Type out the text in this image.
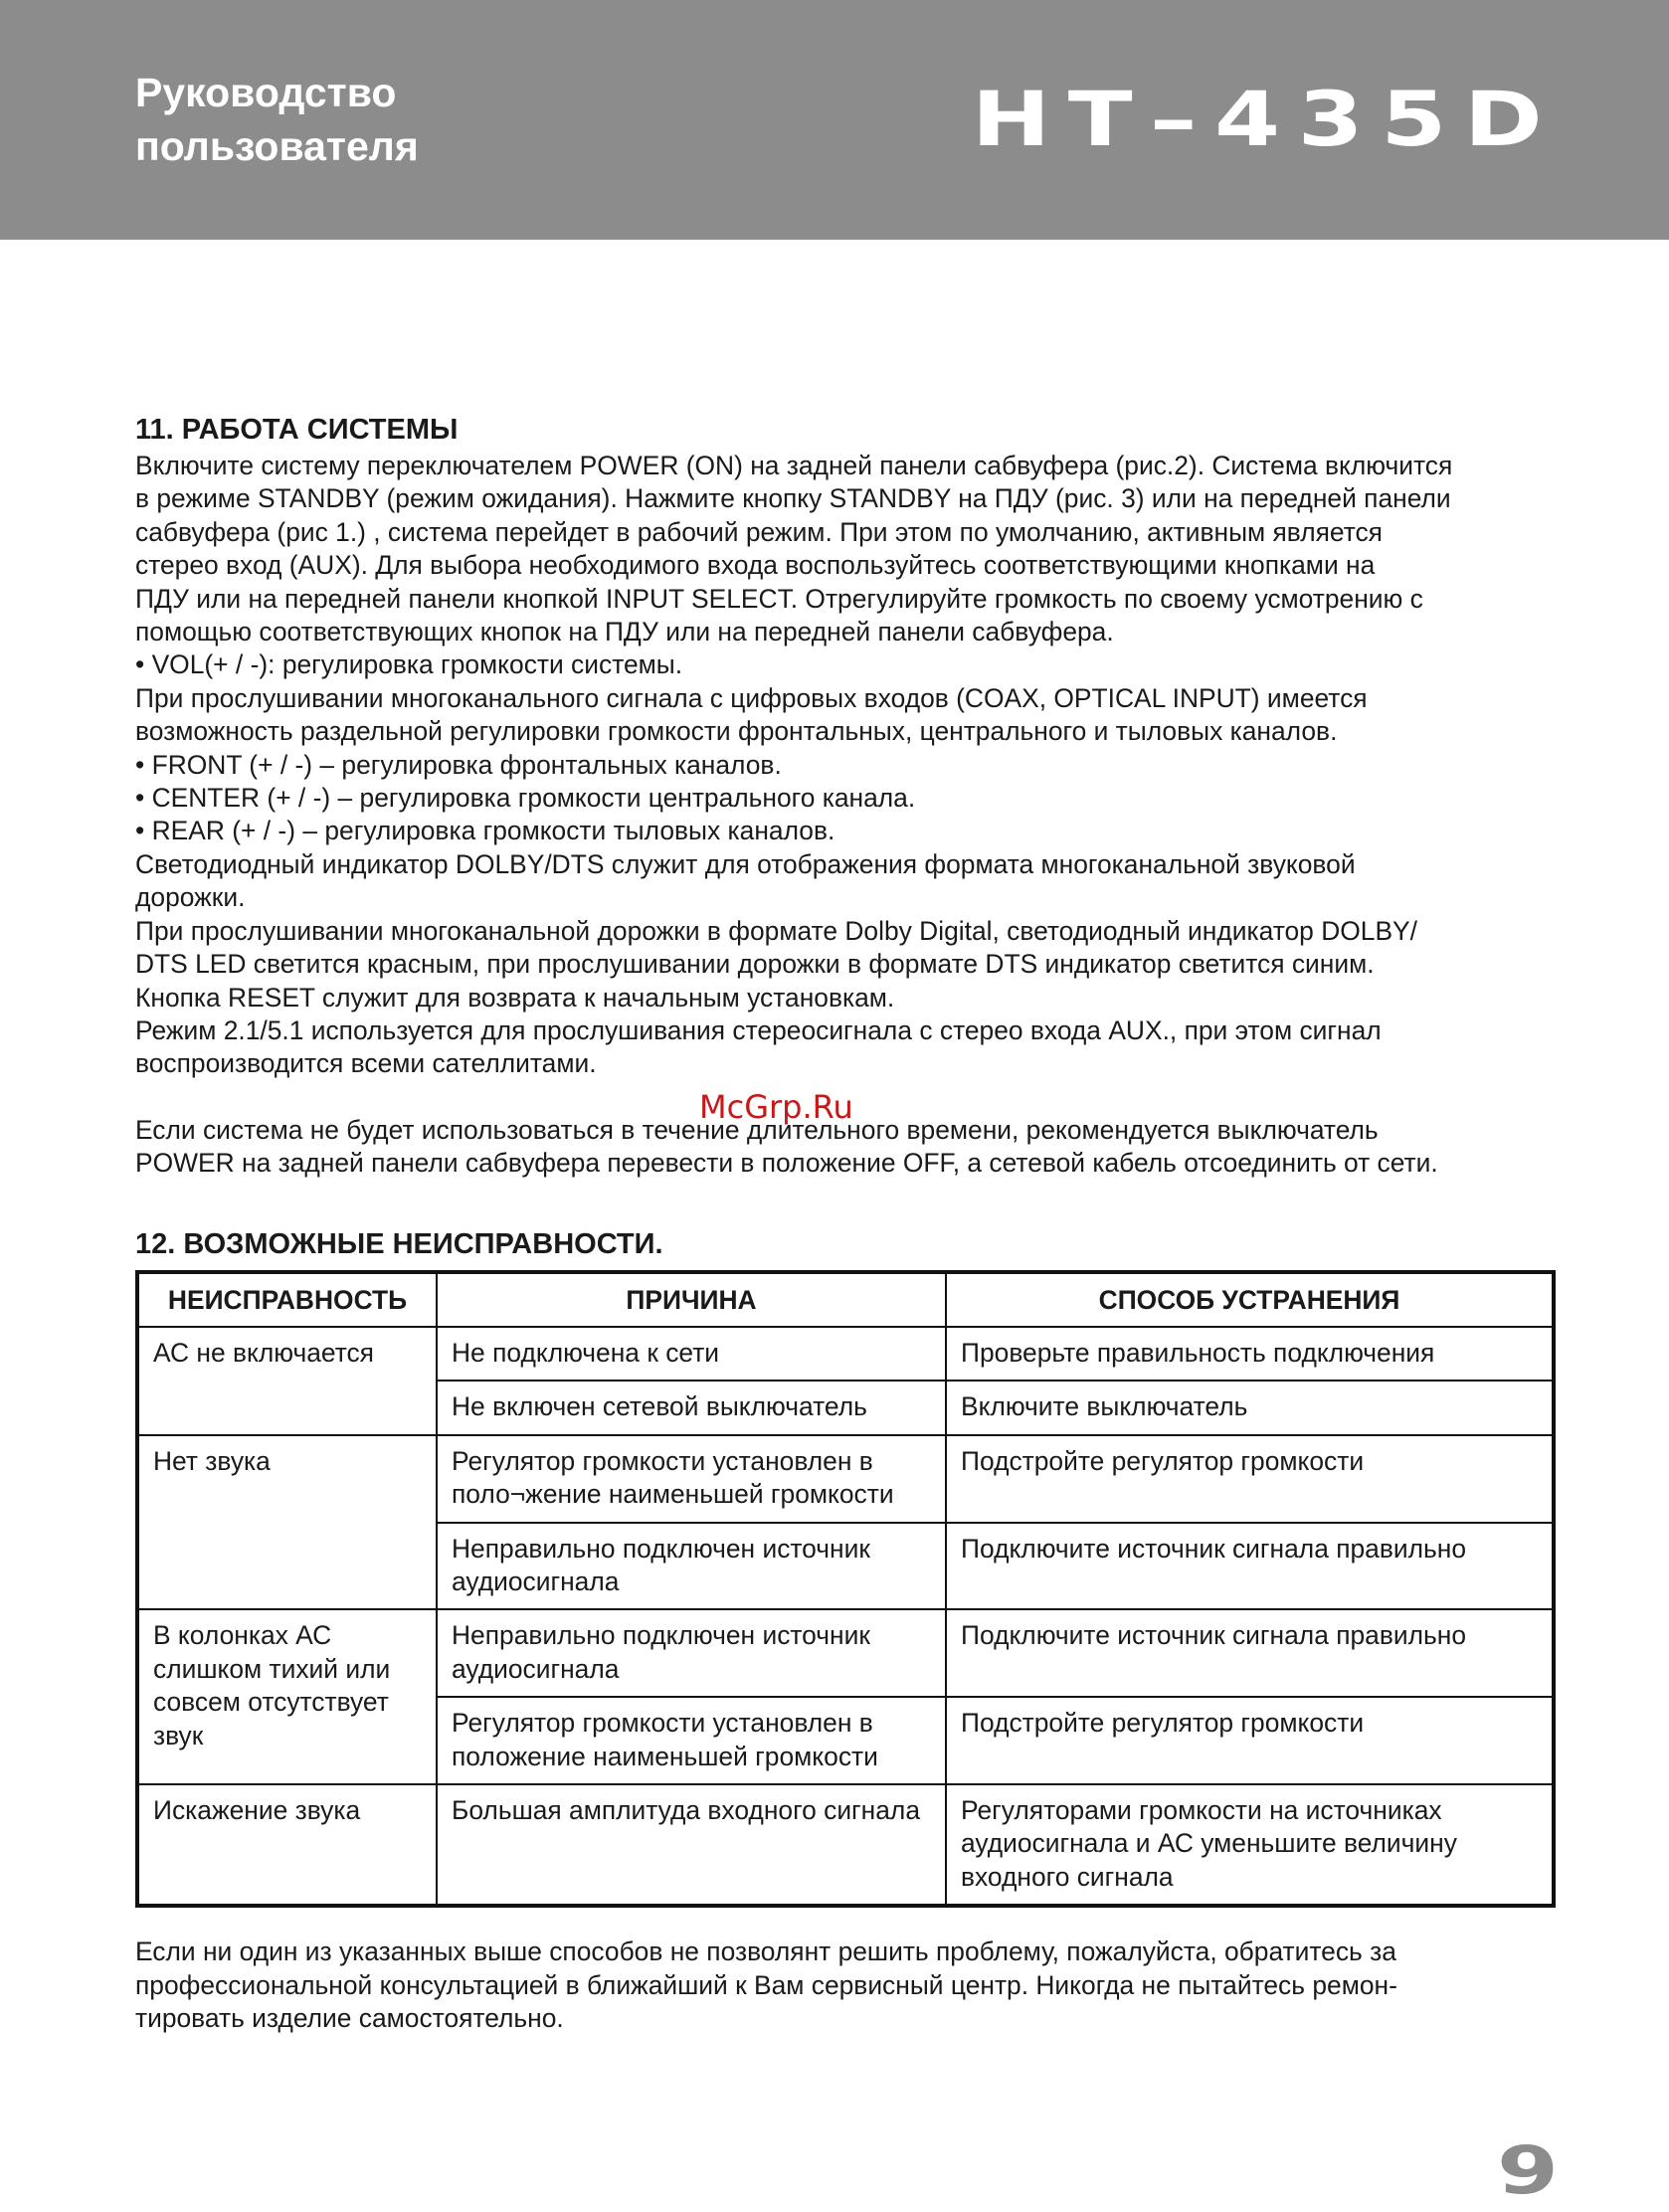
Руководство
пользователя	HT–435D
11. РАБОТА СИСТЕМЫ
Включите систему переключателем POWER (ON) на задней панели сабвуфера (рис.2). Система включится
в режиме STANDBY (режим ожидания). Нажмите кнопку STANDBY на ПДУ (рис. 3) или на передней панели
сабвуфера (рис 1.) , система перейдет в рабочий режим. При этом по умолчанию, активным является
стерео вход (AUX). Для выбора необходимого входа воспользуйтесь соответствующими кнопками на
ПДУ или на передней панели кнопкой INPUT SELECT. Отрегулируйте громкость по своему усмотрению с
помощью соответствующих кнопок на ПДУ или на передней панели сабвуфера.
• VOL(+ / -): регулировка громкости системы.
При прослушивании многоканального сигнала с цифровых входов (COAX, OPTICAL INPUT) имеется
возможность раздельной регулировки громкости фронтальных, центрального и тыловых каналов.
• FRONT (+ / -) – регулировка фронтальных каналов.
• CENTER (+ / -) – регулировка громкости центрального канала.
• REAR (+ / -) – регулировка громкости тыловых каналов.
Светодиодный индикатор DOLBY/DTS служит для отображения формата многоканальной звуковой
дорожки.
При прослушивании многоканальной дорожки в формате Dolby Digital, светодиодный индикатор DOLBY/
DTS LED светится красным, при прослушивании дорожки в формате DTS индикатор светится синим.
Кнопка RESET служит для возврата к начальным установкам.
Режим 2.1/5.1 используется для прослушивания стереосигнала с стерео входа AUX., при этом сигнал
воспроизводится всеми сателлитами.
Если система не будет использоваться в течение длительного времени, рекомендуется выключатель
POWER на задней панели сабвуфера перевести в положение OFF, а сетевой кабель отсоединить от сети.
12. ВОЗМОЖНЫЕ НЕИСПРАВНОСТИ.
НЕИСПРАВНОСТЬ	ПРИЧИНА	СПОСОБ УСТРАНЕНИЯ
АС не включается	Не подключена к сети	Проверьте правильность подключения
	Не включен сетевой выключатель	Включите выключатель
Нет звука	Регулятор громкости установлен в поло¬жение наименьшей громкости	Подстройте регулятор громкости
	Неправильно подключен источник аудиосигнала	Подключите источник сигнала правильно
В колонках АС слишком тихий или совсем отсутствует звук	Неправильно подключен источник аудиосигнала	Подключите источник сигнала правильно
	Регулятор громкости установлен в положение наименьшей громкости	Подстройте регулятор громкости
Искажение звука	Большая амплитуда входного сигнала	Регуляторами громкости на источниках аудиосигнала и АС уменьшите величину входного сигнала
Если ни один из указанных выше способов не позволянт решить проблему, пожалуйста, обратитесь за
профессиональной консультацией в ближайший к Вам сервисный центр. Никогда не пытайтесь ремон-
тировать изделие самостоятельно.
McGrp.Ru
9
